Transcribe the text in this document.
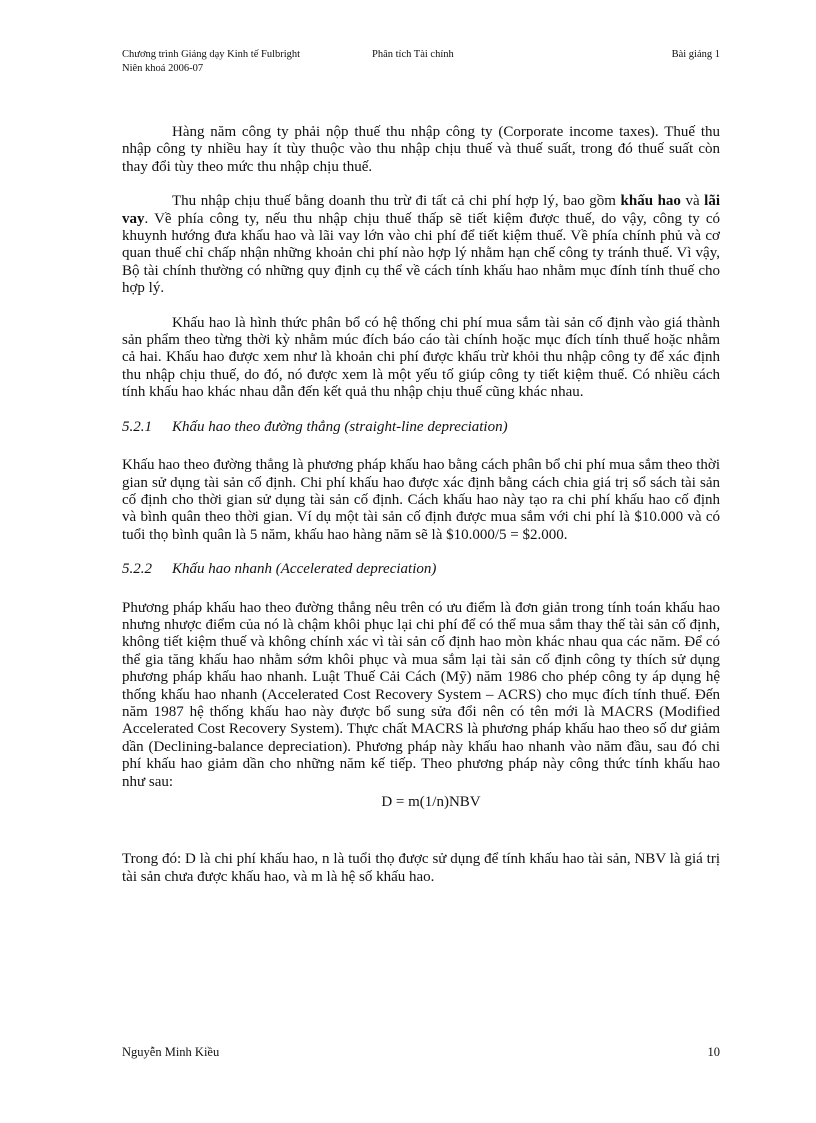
Chương trình Giảng dạy Kinh tế Fulbright	Phân tích Tài chính	Bài giảng 1
Niên khoá 2006-07

Hàng năm công ty phải nộp thuế thu nhập công ty (Corporate income taxes). Thuế thu nhập công ty nhiều hay ít tùy thuộc vào thu nhập chịu thuế và thuế suất, trong đó thuế suất còn thay đổi tùy theo mức thu nhập chịu thuế.

Thu nhập chịu thuế bằng doanh thu trừ đi tất cả chi phí hợp lý, bao gồm khấu hao và lãi vay. Về phía công ty, nếu thu nhập chịu thuế thấp sẽ tiết kiệm được thuế, do vậy, công ty có khuynh hướng đưa khấu hao và lãi vay lớn vào chi phí để tiết kiệm thuế. Về phía chính phủ và cơ quan thuế chỉ chấp nhận những khoản chi phí nào hợp lý nhằm hạn chế công ty tránh thuế. Vì vậy, Bộ tài chính thường có những quy định cụ thể về cách tính khấu hao nhằm mục đính tính thuế cho hợp lý.

Khấu hao là hình thức phân bổ có hệ thống chi phí mua sắm tài sản cố định vào giá thành sản phẩm theo từng thời kỳ nhằm múc đích báo cáo tài chính hoặc mục đích tính thuế hoặc nhằm cả hai. Khấu hao được xem như là khoản chi phí được khấu trừ khỏi thu nhập công ty để xác định thu nhập chịu thuế, do đó, nó được xem là một yếu tố giúp công ty tiết kiệm thuế. Có nhiều cách tính khấu hao khác nhau dẫn đến kết quả thu nhập chịu thuế cũng khác nhau.

5.2.1 Khấu hao theo đường thẳng (straight-line depreciation)

Khấu hao theo đường thẳng là phương pháp khấu hao bằng cách phân bổ chi phí mua sắm theo thời gian sử dụng tài sản cố định. Chi phí khấu hao được xác định bằng cách chia giá trị sổ sách tài sản cố định cho thời gian sử dụng tài sản cố định. Cách khấu hao này tạo ra chi phí khấu hao cố định và bình quân theo thời gian. Ví dụ một tài sản cố định được mua sắm với chi phí là $10.000 và có tuổi thọ bình quân là 5 năm, khấu hao hàng năm sẽ là $10.000/5 = $2.000.

5.2.2 Khấu hao nhanh (Accelerated depreciation)

Phương pháp khấu hao theo đường thẳng nêu trên có ưu điểm là đơn giản trong tính toán khấu hao nhưng nhược điểm của nó là chậm khôi phục lại chi phí để có thể mua sắm thay thế tài sản cố định, không tiết kiệm thuế và không chính xác vì tài sản cố định hao mòn khác nhau qua các năm. Để có thể gia tăng khấu hao nhằm sớm khôi phục và mua sắm lại tài sản cố định công ty thích sử dụng phương pháp khấu hao nhanh. Luật Thuế Cải Cách (Mỹ) năm 1986 cho phép công ty áp dụng hệ thống khấu hao nhanh (Accelerated Cost Recovery System – ACRS) cho mục đích tính thuế. Đến năm 1987 hệ thống khấu hao này được bổ sung sửa đổi nên có tên mới là MACRS (Modified Accelerated Cost Recovery System). Thực chất MACRS là phương pháp khấu hao theo số dư giảm dần (Declining-balance depreciation). Phương pháp này khấu hao nhanh vào năm đầu, sau đó chi phí khấu hao giảm dần cho những năm kế tiếp. Theo phương pháp này công thức tính khấu hao như sau:

D = m(1/n)NBV

Trong đó: D là chi phí khấu hao, n là tuổi thọ được sử dụng để tính khấu hao tài sản, NBV là giá trị tài sản chưa được khấu hao, và m là hệ số khấu hao.

Nguyễn Minh Kiều	10
